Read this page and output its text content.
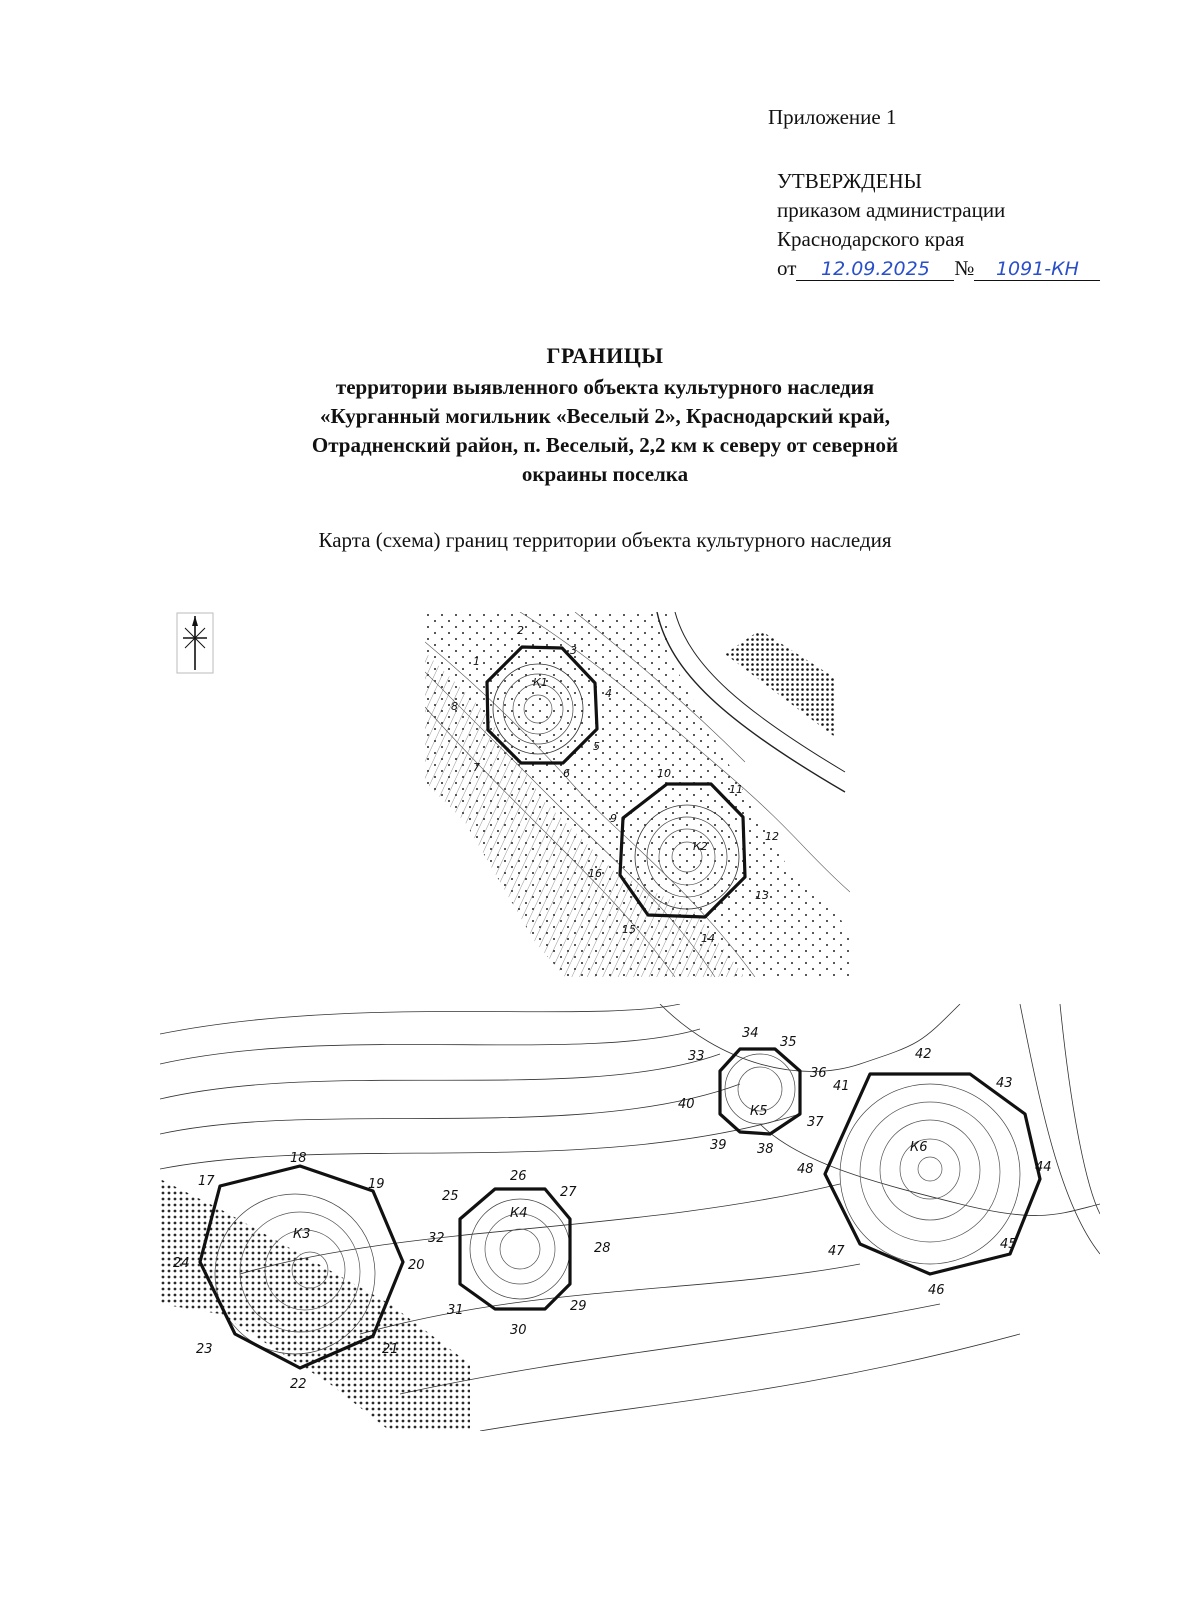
Приложение 1
УТВЕРЖДЕНЫ
приказом администрации
Краснодарского края
от 12.09.2025 № 1091-КН
ГРАНИЦЫ
территории выявленного объекта культурного наследия
«Курганный могильник «Веселый 2», Краснодарский край,
Отрадненский район, п. Веселый, 2,2 км к северу от северной
окраины поселка
Карта (схема) границ территории объекта культурного наследия
1
2
3
4
5
6
7
8
9
10
11
12
13
14
15
16
К1
К2
17
18
19
20
21
22
23
24
25
26
27
28
29
30
31
32
33
34
35
36
37
38
39
40
41
42
43
44
45
46
47
48
К3
К4
К5
К6
